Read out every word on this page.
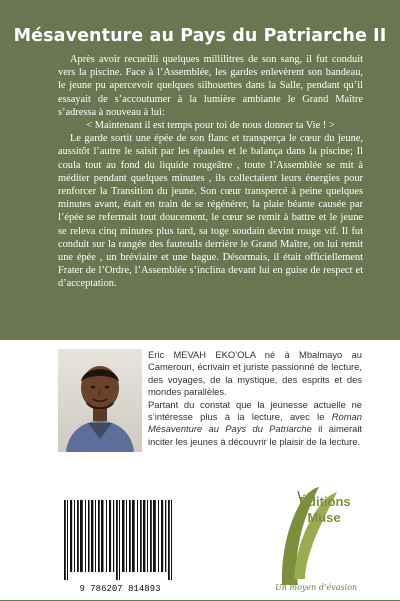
Mésaventure au Pays du Patriarche II

Après avoir recueilli quelques millilitres de son sang, il fut conduit vers la piscine. Face à l’Assemblée, les gardes enlevèrent son bandeau, le jeune pu apercevoir quelques silhouettes dans la Salle, pendant qu’il essayait de s’accoutumer à la lumière ambiante le Grand Maître s’adressa à nouveau à lui:

< Maintenant il est temps pour toi de nous donner ta Vie ! >

Le garde sortit une épée de son flanc et transperça le cœur du jeune, aussitôt l’autre le saisit par les épaules et le balança dans la piscine; Il coula tout au fond du liquide rougeâtre , toute l’Assemblée se mit à méditer pendant quelques minutes , ils collectaient leurs énergies pour renforcer la Transition du jeune. Son cœur transpercé à peine quelques minutes avant, était en train de se régénérer, la plaie béante causée par l’épée se refermait tout doucement, le cœur se remit à battre et le jeune se releva cinq minutes plus tard, sa toge soudain devint rouge vif. Il fut conduit sur la rangée des fauteuils derrière le Grand Maître, on lui remit une épée , un bréviaire et une bague. Désormais, il était officiellement Frater de l’Ordre, l’Assemblée s’inclina devant lui en guise de respect et d’acceptation.

Eric MEVAH EKO’OLA né à Mbalmayo au Cameroun, écrivain et juriste passionné de lecture, des voyages, de la mystique, des esprits et des mondes parallèles.

Partant du constat que la jeunesse actuelle ne s’intéresse plus à la lecture, avec le Roman Mésaventure au Pays du Patriarche il aimerait inciter les jeunes à découvrir le plaisir de la lecture.

9 786207 814893
Éditions
Muse
Un moyen d’évasion !
